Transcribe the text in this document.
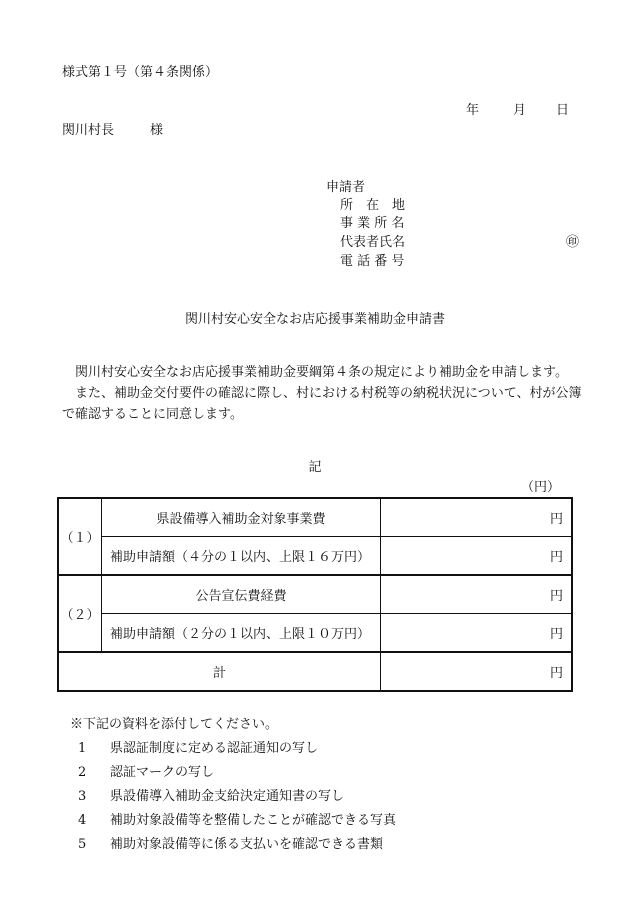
様式第１号（第４条関係）
年	月 日
関川村長	様
申請者
所　在　地
事 業 所 名
代表者氏名	㊞
電 話 番 号
関川村安心安全なお店応援事業補助金申請書

関川村安心安全なお店応援事業補助金要綱第４条の規定により補助金を申請します。

また、補助金交付要件の確認に際し、村における村税等の納税状況について、村が公簿で確認することに同意します。

記
（円）
（１）	県設備導入補助金対象事業費	円
	補助申請額（４分の１以内、上限１６万円）	円
（２）	公告宣伝費経費	円
	補助申請額（２分の１以内、上限１０万円）	円
計		円
※下記の資料を添付してください。
1 県認証制度に定める認証通知の写し
2 認証マークの写し
3 県設備導入補助金支給決定通知書の写し
4 補助対象設備等を整備したことが確認できる写真
5 補助対象設備等に係る支払いを確認できる書類
